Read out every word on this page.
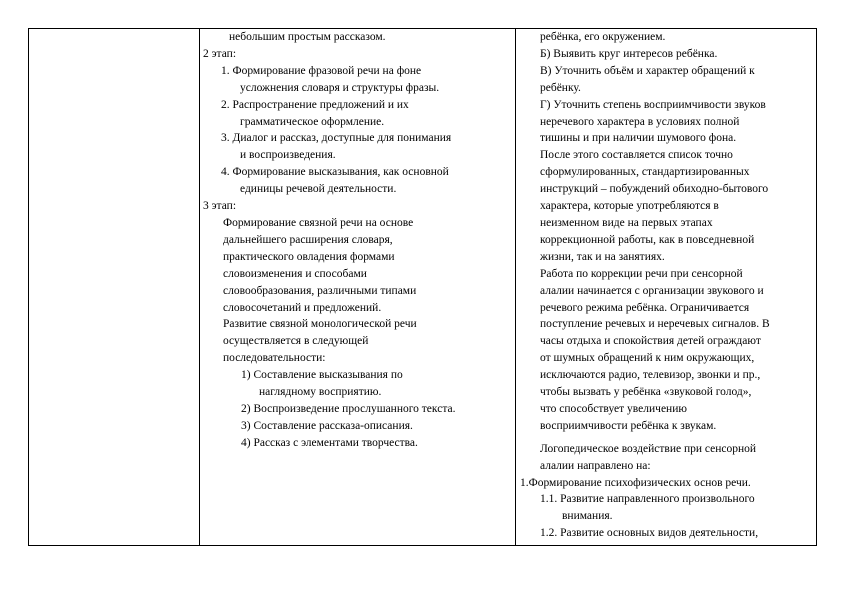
небольшим простым рассказом.
2 этап:
1. Формирование фразовой речи на фоне
усложнения словаря и структуры фразы.
2. Распространение предложений и их
грамматическое оформление.
3. Диалог и рассказ, доступные для понимания
и воспроизведения.
4. Формирование высказывания, как основной
единицы речевой деятельности.
3 этап:
Формирование связной речи на основе
дальнейшего расширения словаря,
практического овладения формами
словоизменения и способами
словообразования, различными типами
словосочетаний и предложений.
Развитие связной монологической речи
осуществляется в следующей
последовательности:
1) Составление высказывания по
наглядному восприятию.
2) Воспроизведение прослушанного текста.
3) Составление рассказа-описания.
4) Рассказ с элементами творчества.
ребёнка, его окружением.
Б) Выявить круг интересов ребёнка.
В) Уточнить объём и характер обращений к
ребёнку.
Г) Уточнить степень восприимчивости звуков
неречевого характера в условиях полной
тишины и при наличии шумового фона.
После этого составляется список точно
сформулированных, стандартизированных
инструкций – побуждений обиходно-бытового
характера, которые употребляются в
неизменном виде на первых этапах
коррекционной работы, как в повседневной
жизни, так и на занятиях.
Работа по коррекции речи при сенсорной
алалии начинается с организации звукового и
речевого режима ребёнка. Ограничивается
поступление речевых и неречевых сигналов. В
часы отдыха и спокойствия детей ограждают
от шумных обращений к ним окружающих,
исключаются радио, телевизор, звонки и пр.,
чтобы вызвать у ребёнка «звуковой голод»,
что способствует увеличению
восприимчивости ребёнка к звукам.
Логопедическое воздействие при сенсорной
алалии направлено на:
1.Формирование психофизических основ речи.
1.1. Развитие направленного произвольного
внимания.
1.2. Развитие основных видов деятельности,
